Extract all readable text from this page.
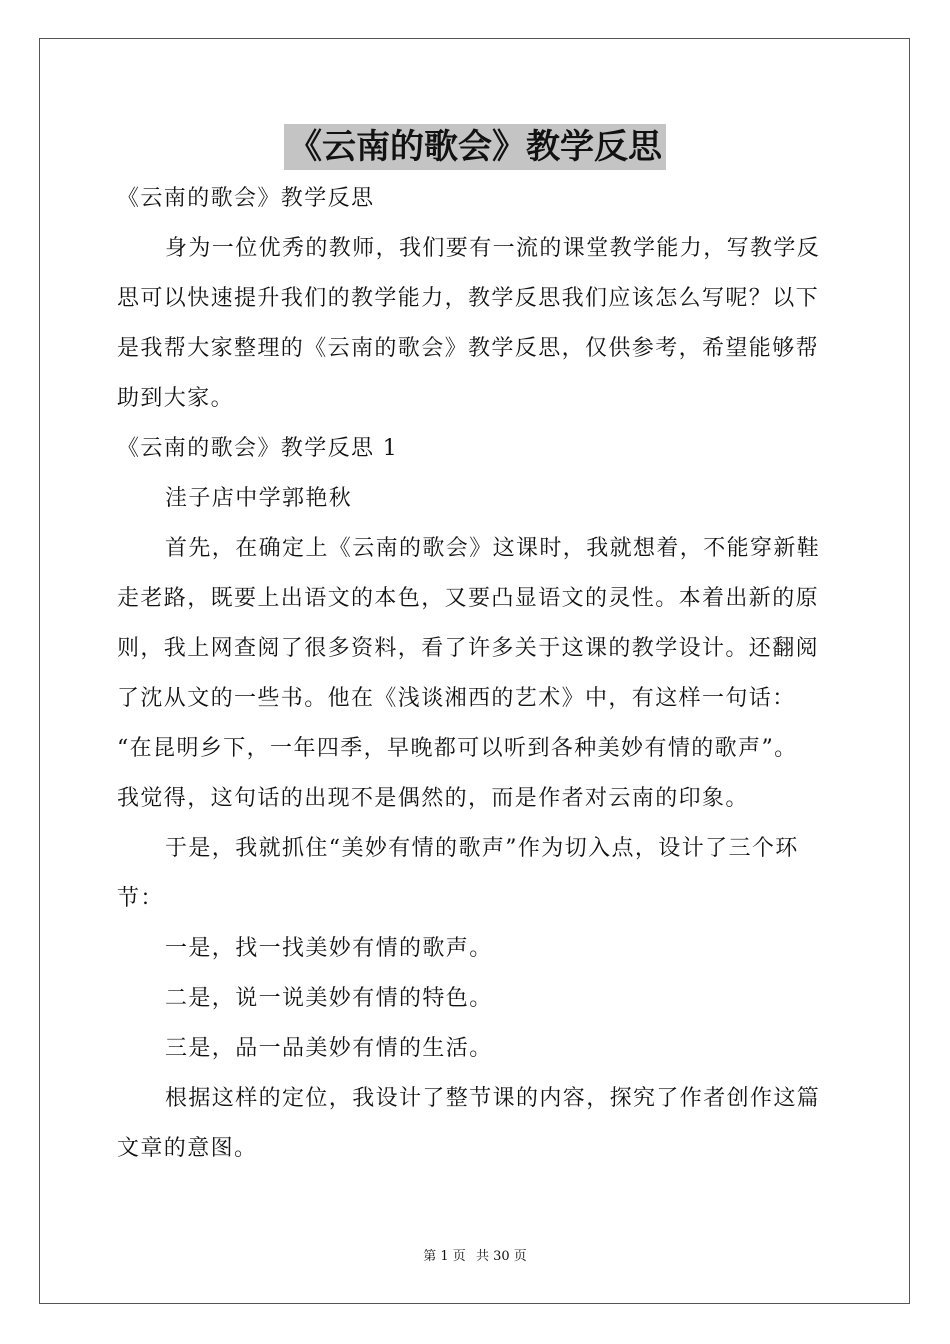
《云南的歌会》教学反思
《云南的歌会》教学反思
身为一位优秀的教师，我们要有一流的课堂教学能力，写教学反
思可以快速提升我们的教学能力，教学反思我们应该怎么写呢？以下
是我帮大家整理的《云南的歌会》教学反思，仅供参考，希望能够帮
助到大家。
《云南的歌会》教学反思 1
洼子店中学郭艳秋
首先，在确定上《云南的歌会》这课时，我就想着，不能穿新鞋
走老路，既要上出语文的本色，又要凸显语文的灵性。本着出新的原
则，我上网查阅了很多资料，看了许多关于这课的教学设计。还翻阅
了沈从文的一些书。他在《浅谈湘西的艺术》中，有这样一句话：
“在昆明乡下，一年四季，早晚都可以听到各种美妙有情的歌声”。
我觉得，这句话的出现不是偶然的，而是作者对云南的印象。
于是，我就抓住“美妙有情的歌声”作为切入点，设计了三个环
节：
一是，找一找美妙有情的歌声。
二是，说一说美妙有情的特色。
三是，品一品美妙有情的生活。
根据这样的定位，我设计了整节课的内容，探究了作者创作这篇
文章的意图。
第 1 页 共 30 页
